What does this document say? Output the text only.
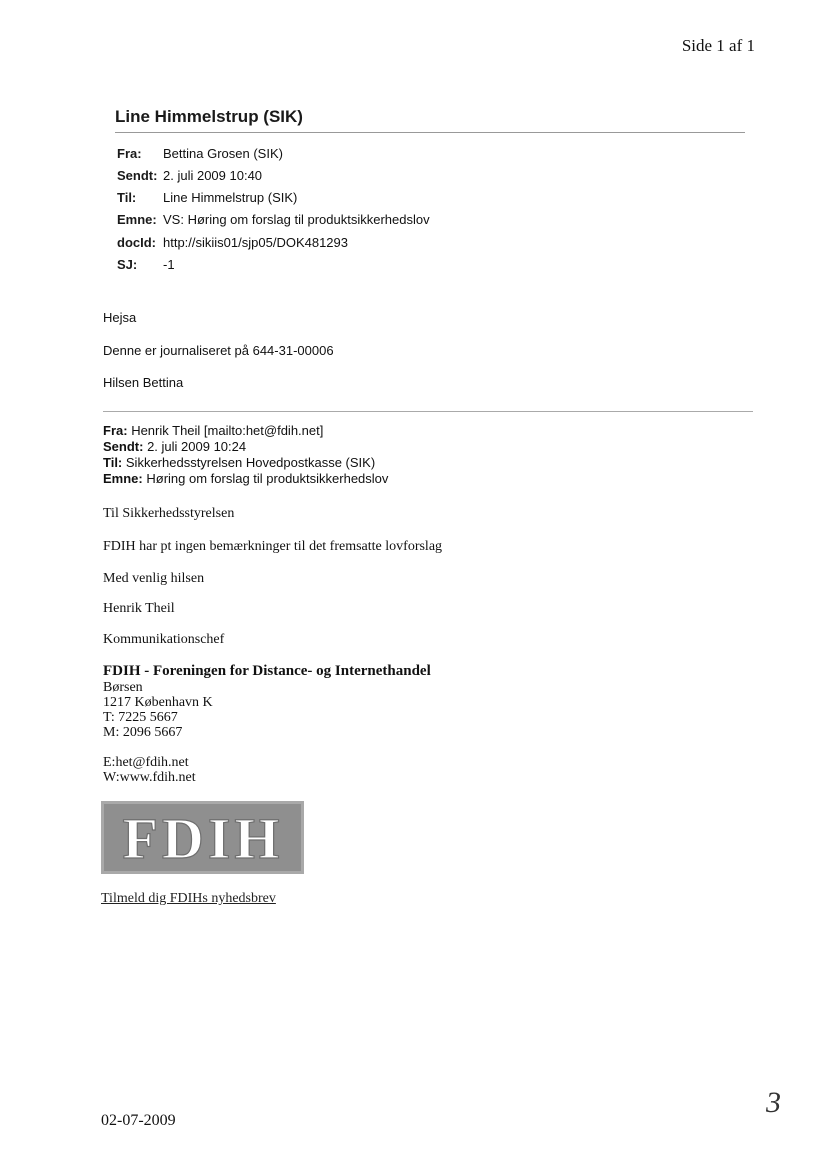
Side 1 af 1
Line Himmelstrup (SIK)
Fra: Bettina Grosen (SIK)
Sendt: 2. juli 2009 10:40
Til: Line Himmelstrup (SIK)
Emne: VS: Høring om forslag til produktsikkerhedslov
docId: http://sikiis01/sjp05/DOK481293
SJ: -1
Hejsa
Denne er journaliseret på 644-31-00006
Hilsen Bettina
Fra: Henrik Theil [mailto:het@fdih.net]
Sendt: 2. juli 2009 10:24
Til: Sikkerhedsstyrelsen Hovedpostkasse (SIK)
Emne: Høring om forslag til produktsikkerhedslov
Til Sikkerhedsstyrelsen
FDIH har pt ingen bemærkninger til det fremsatte lovforslag
Med venlig hilsen
Henrik Theil
Kommunikationschef
FDIH - Foreningen for Distance- og Internethandel
Børsen
1217 København K
T: 7225 5667
M: 2096 5667
E:het@fdih.net
W:www.fdih.net
FDIH
Tilmeld dig FDIHs nyhedsbrev
02-07-2009
3
